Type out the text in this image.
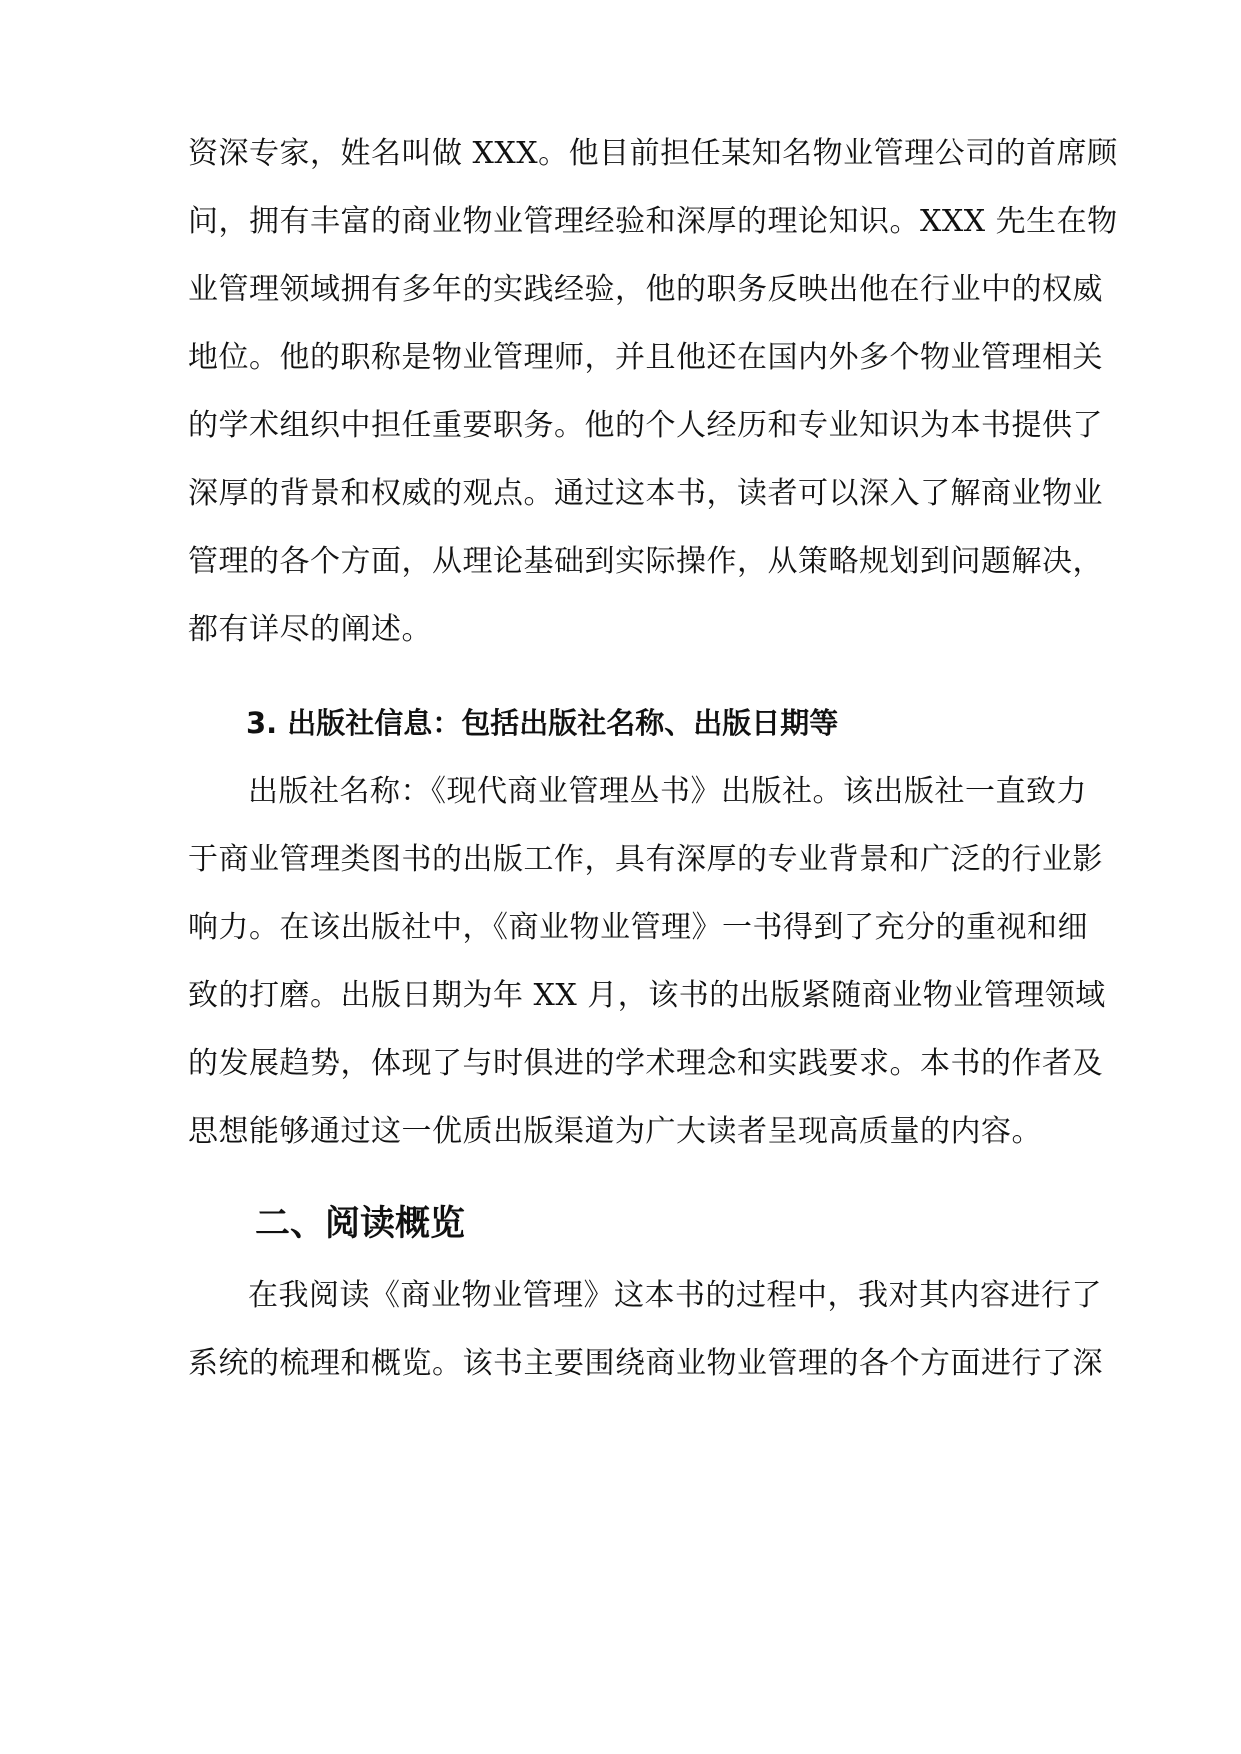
资深专家，姓名叫做 XXX。他目前担任某知名物业管理公司的首席顾
问，拥有丰富的商业物业管理经验和深厚的理论知识。XXX 先生在物
业管理领域拥有多年的实践经验，他的职务反映出他在行业中的权威
地位。他的职称是物业管理师，并且他还在国内外多个物业管理相关
的学术组织中担任重要职务。他的个人经历和专业知识为本书提供了
深厚的背景和权威的观点。通过这本书，读者可以深入了解商业物业
管理的各个方面，从理论基础到实际操作，从策略规划到问题解决，
都有详尽的阐述。
3. 出版社信息：包括出版社名称、出版日期等
出版社名称：《现代商业管理丛书》出版社。该出版社一直致力
于商业管理类图书的出版工作，具有深厚的专业背景和广泛的行业影
响力。在该出版社中，《商业物业管理》一书得到了充分的重视和细
致的打磨。出版日期为年 XX 月，该书的出版紧随商业物业管理领域
的发展趋势，体现了与时俱进的学术理念和实践要求。本书的作者及
思想能够通过这一优质出版渠道为广大读者呈现高质量的内容。
二、阅读概览
在我阅读《商业物业管理》这本书的过程中，我对其内容进行了
系统的梳理和概览。该书主要围绕商业物业管理的各个方面进行了深
